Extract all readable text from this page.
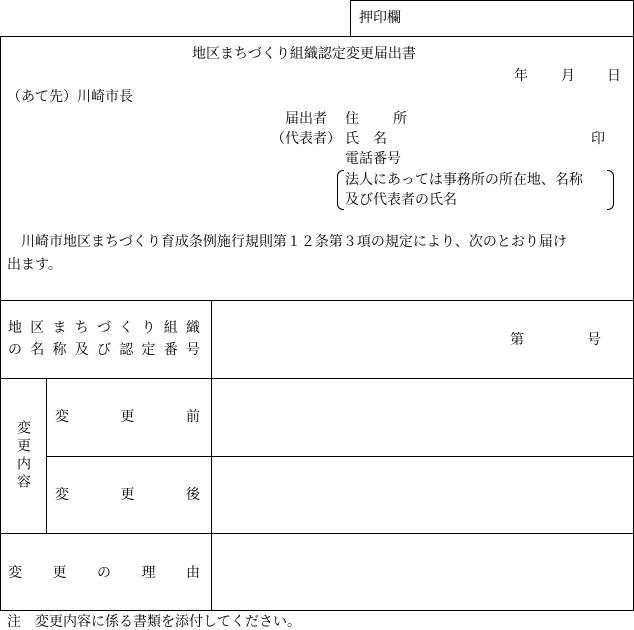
押印欄
地区まちづくり組織認定変更届出書
年 月 日
（あて先）川崎市長
届出者
（代表者）
住　所
氏　名	印
電話番号
法人にあっては事務所の所在地、名称
及び代表者の氏名
川崎市地区まちづくり育成条例施行規則第１２条第３項の規定により、次のとおり届け
出ます。
地 区 ま ち づ く り 組 織
の 名 称 及 び 認 定 番 号
第	号
変更内容
変	更	前
変	更	後
変 更 の 理 由
注　変更内容に係る書類を添付してください。
